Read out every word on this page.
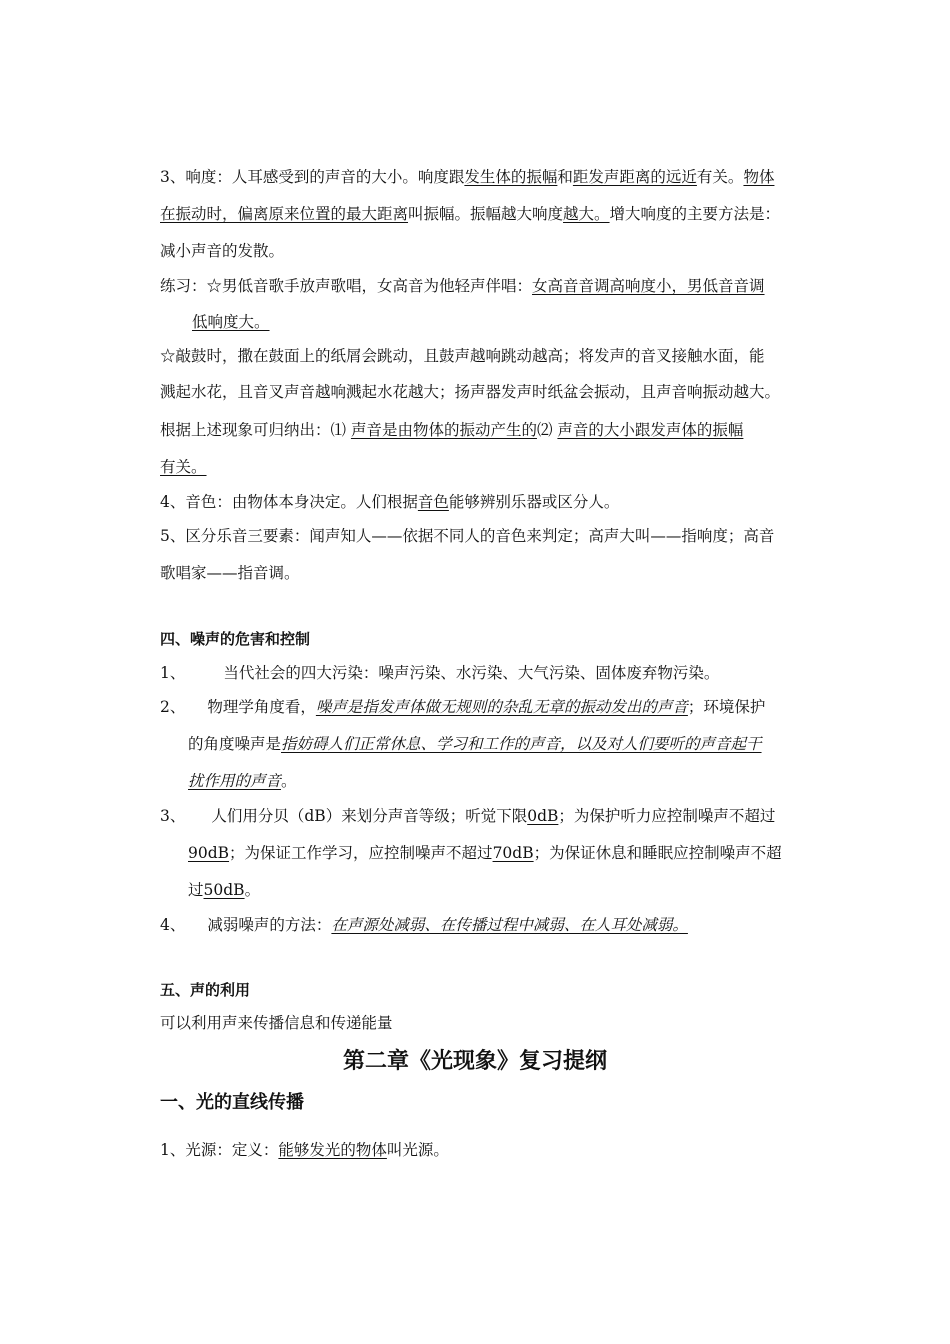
3、响度：人耳感受到的声音的大小。响度跟发生体的振幅和距发声距离的远近有关。物体
在振动时，偏离原来位置的最大距离叫振幅。振幅越大响度越大。增大响度的主要方法是：
减小声音的发散。
练习：☆男低音歌手放声歌唱，女高音为他轻声伴唱：女高音音调高响度小，男低音音调
低响度大。
☆敲鼓时，撒在鼓面上的纸屑会跳动，且鼓声越响跳动越高；将发声的音叉接触水面，能
溅起水花，且音叉声音越响溅起水花越大；扬声器发声时纸盆会振动，且声音响振动越大。
根据上述现象可归纳出：⑴ 声音是由物体的振动产生的⑵ 声音的大小跟发声体的振幅
有关。
4、音色：由物体本身决定。人们根据音色能够辨别乐器或区分人。
5、区分乐音三要素：闻声知人——依据不同人的音色来判定；高声大叫——指响度；高音
歌唱家——指音调。
四、噪声的危害和控制
1、 当代社会的四大污染：噪声污染、水污染、大气污染、固体废弃物污染。
2、 物理学角度看，噪声是指发声体做无规则的杂乱无章的振动发出的声音；环境保护
的角度噪声是指妨碍人们正常休息、学习和工作的声音，以及对人们要听的声音起干
扰作用的声音。
3、 人们用分贝（dB）来划分声音等级；听觉下限0dB；为保护听力应控制噪声不超过
90dB；为保证工作学习，应控制噪声不超过70dB；为保证休息和睡眠应控制噪声不超
过50dB。
4、 减弱噪声的方法：在声源处减弱、在传播过程中减弱、在人耳处减弱。
五、声的利用
可以利用声来传播信息和传递能量
第二章《光现象》复习提纲
一、光的直线传播
1、光源：定义：能够发光的物体叫光源。
